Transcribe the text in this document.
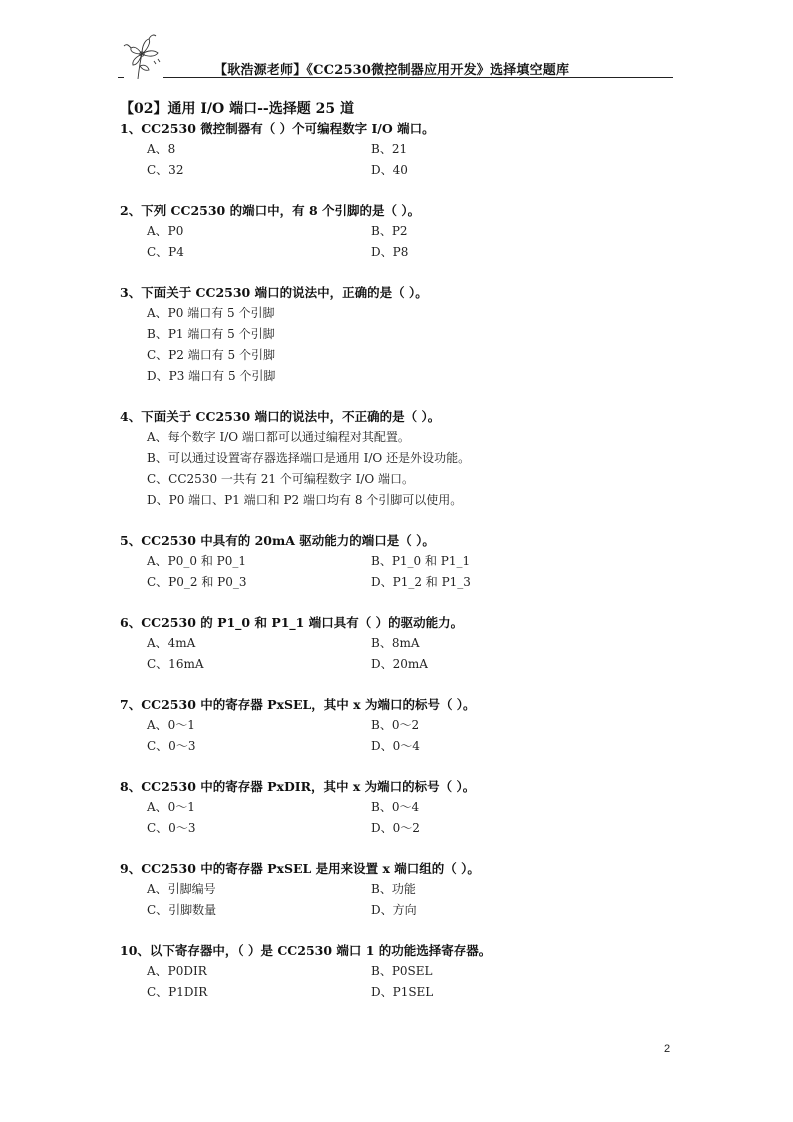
【耿浩源老师】《CC2530微控制器应用开发》选择填空题库
【02】通用 I/O 端口--选择题 25 道
1、CC2530 微控制器有（ ）个可编程数字 I/O 端口。
A、8	B、21
C、32	D、40
2、下列 CC2530 的端口中，有 8 个引脚的是（ ）。
A、P0	B、P2
C、P4	D、P8
3、下面关于 CC2530 端口的说法中，正确的是（ ）。
A、P0 端口有 5 个引脚
B、P1 端口有 5 个引脚
C、P2 端口有 5 个引脚
D、P3 端口有 5 个引脚
4、下面关于 CC2530 端口的说法中，不正确的是（ ）。
A、每个数字 I/O 端口都可以通过编程对其配置。
B、可以通过设置寄存器选择端口是通用 I/O 还是外设功能。
C、CC2530 一共有 21 个可编程数字 I/O 端口。
D、P0 端口、P1 端口和 P2 端口均有 8 个引脚可以使用。
5、CC2530 中具有的 20mA 驱动能力的端口是（ ）。
A、P0_0 和 P0_1	B、P1_0 和 P1_1
C、P0_2 和 P0_3	D、P1_2 和 P1_3
6、CC2530 的 P1_0 和 P1_1 端口具有（ ）的驱动能力。
A、4mA	B、8mA
C、16mA	D、20mA
7、CC2530 中的寄存器 PxSEL，其中 x 为端口的标号（ ）。
A、0～1	B、0～2
C、0～3	D、0～4
8、CC2530 中的寄存器 PxDIR，其中 x 为端口的标号（ ）。
A、0～1	B、0～4
C、0～3	D、0～2
9、CC2530 中的寄存器 PxSEL 是用来设置 x 端口组的（ ）。
A、引脚编号	B、功能
C、引脚数量	D、方向
10、以下寄存器中，（ ）是 CC2530 端口 1 的功能选择寄存器。
A、P0DIR	B、P0SEL
C、P1DIR	D、P1SEL
2
